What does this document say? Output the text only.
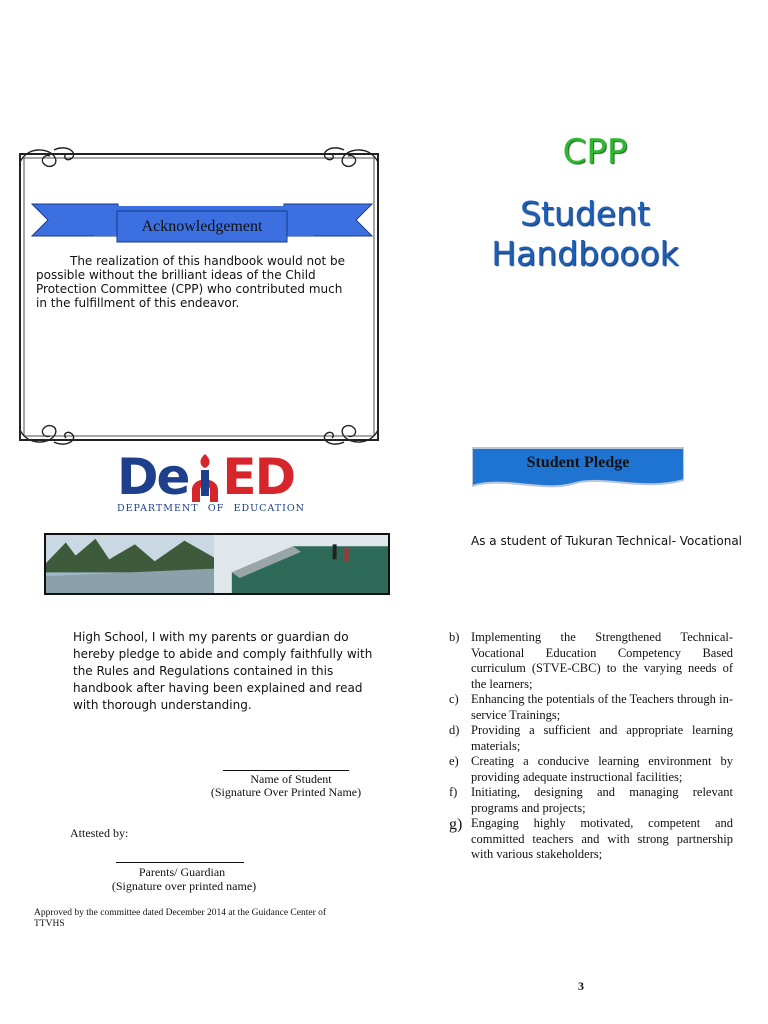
Acknowledgement

The realization of this handbook would not be possible without the brilliant ideas of the Child Protection Committee (CPP) who contributed much in the fulfillment of this endeavor.

CPP
Student
Handboook
De ED
DEPARTMENT OF EDUCATION
Student Pledge
As a student of Tukuran Technical- Vocational

High School, I with my parents or guardian do hereby pledge to abide and comply faithfully with the Rules and Regulations contained in this handbook after having been explained and read with thorough understanding.

Name of Student
(Signature Over Printed Name)
Attested by:
Parents/ Guardian
(Signature over printed name)
Approved by the committee dated December 2014 at the Guidance Center of TTVHS
b) Implementing the Strengthened Technical-Vocational Education Competency Based curriculum (STVE-CBC) to the varying needs of the learners;
c) Enhancing the potentials of the Teachers through in-service Trainings;
d) Providing a sufficient and appropriate learning materials;
e) Creating a conducive learning environment by providing adequate instructional facilities;
f)	Initiating, designing and managing relevant programs and projects;
g) Engaging highly motivated, competent and committed teachers and with strong partnership with various stakeholders;
3
